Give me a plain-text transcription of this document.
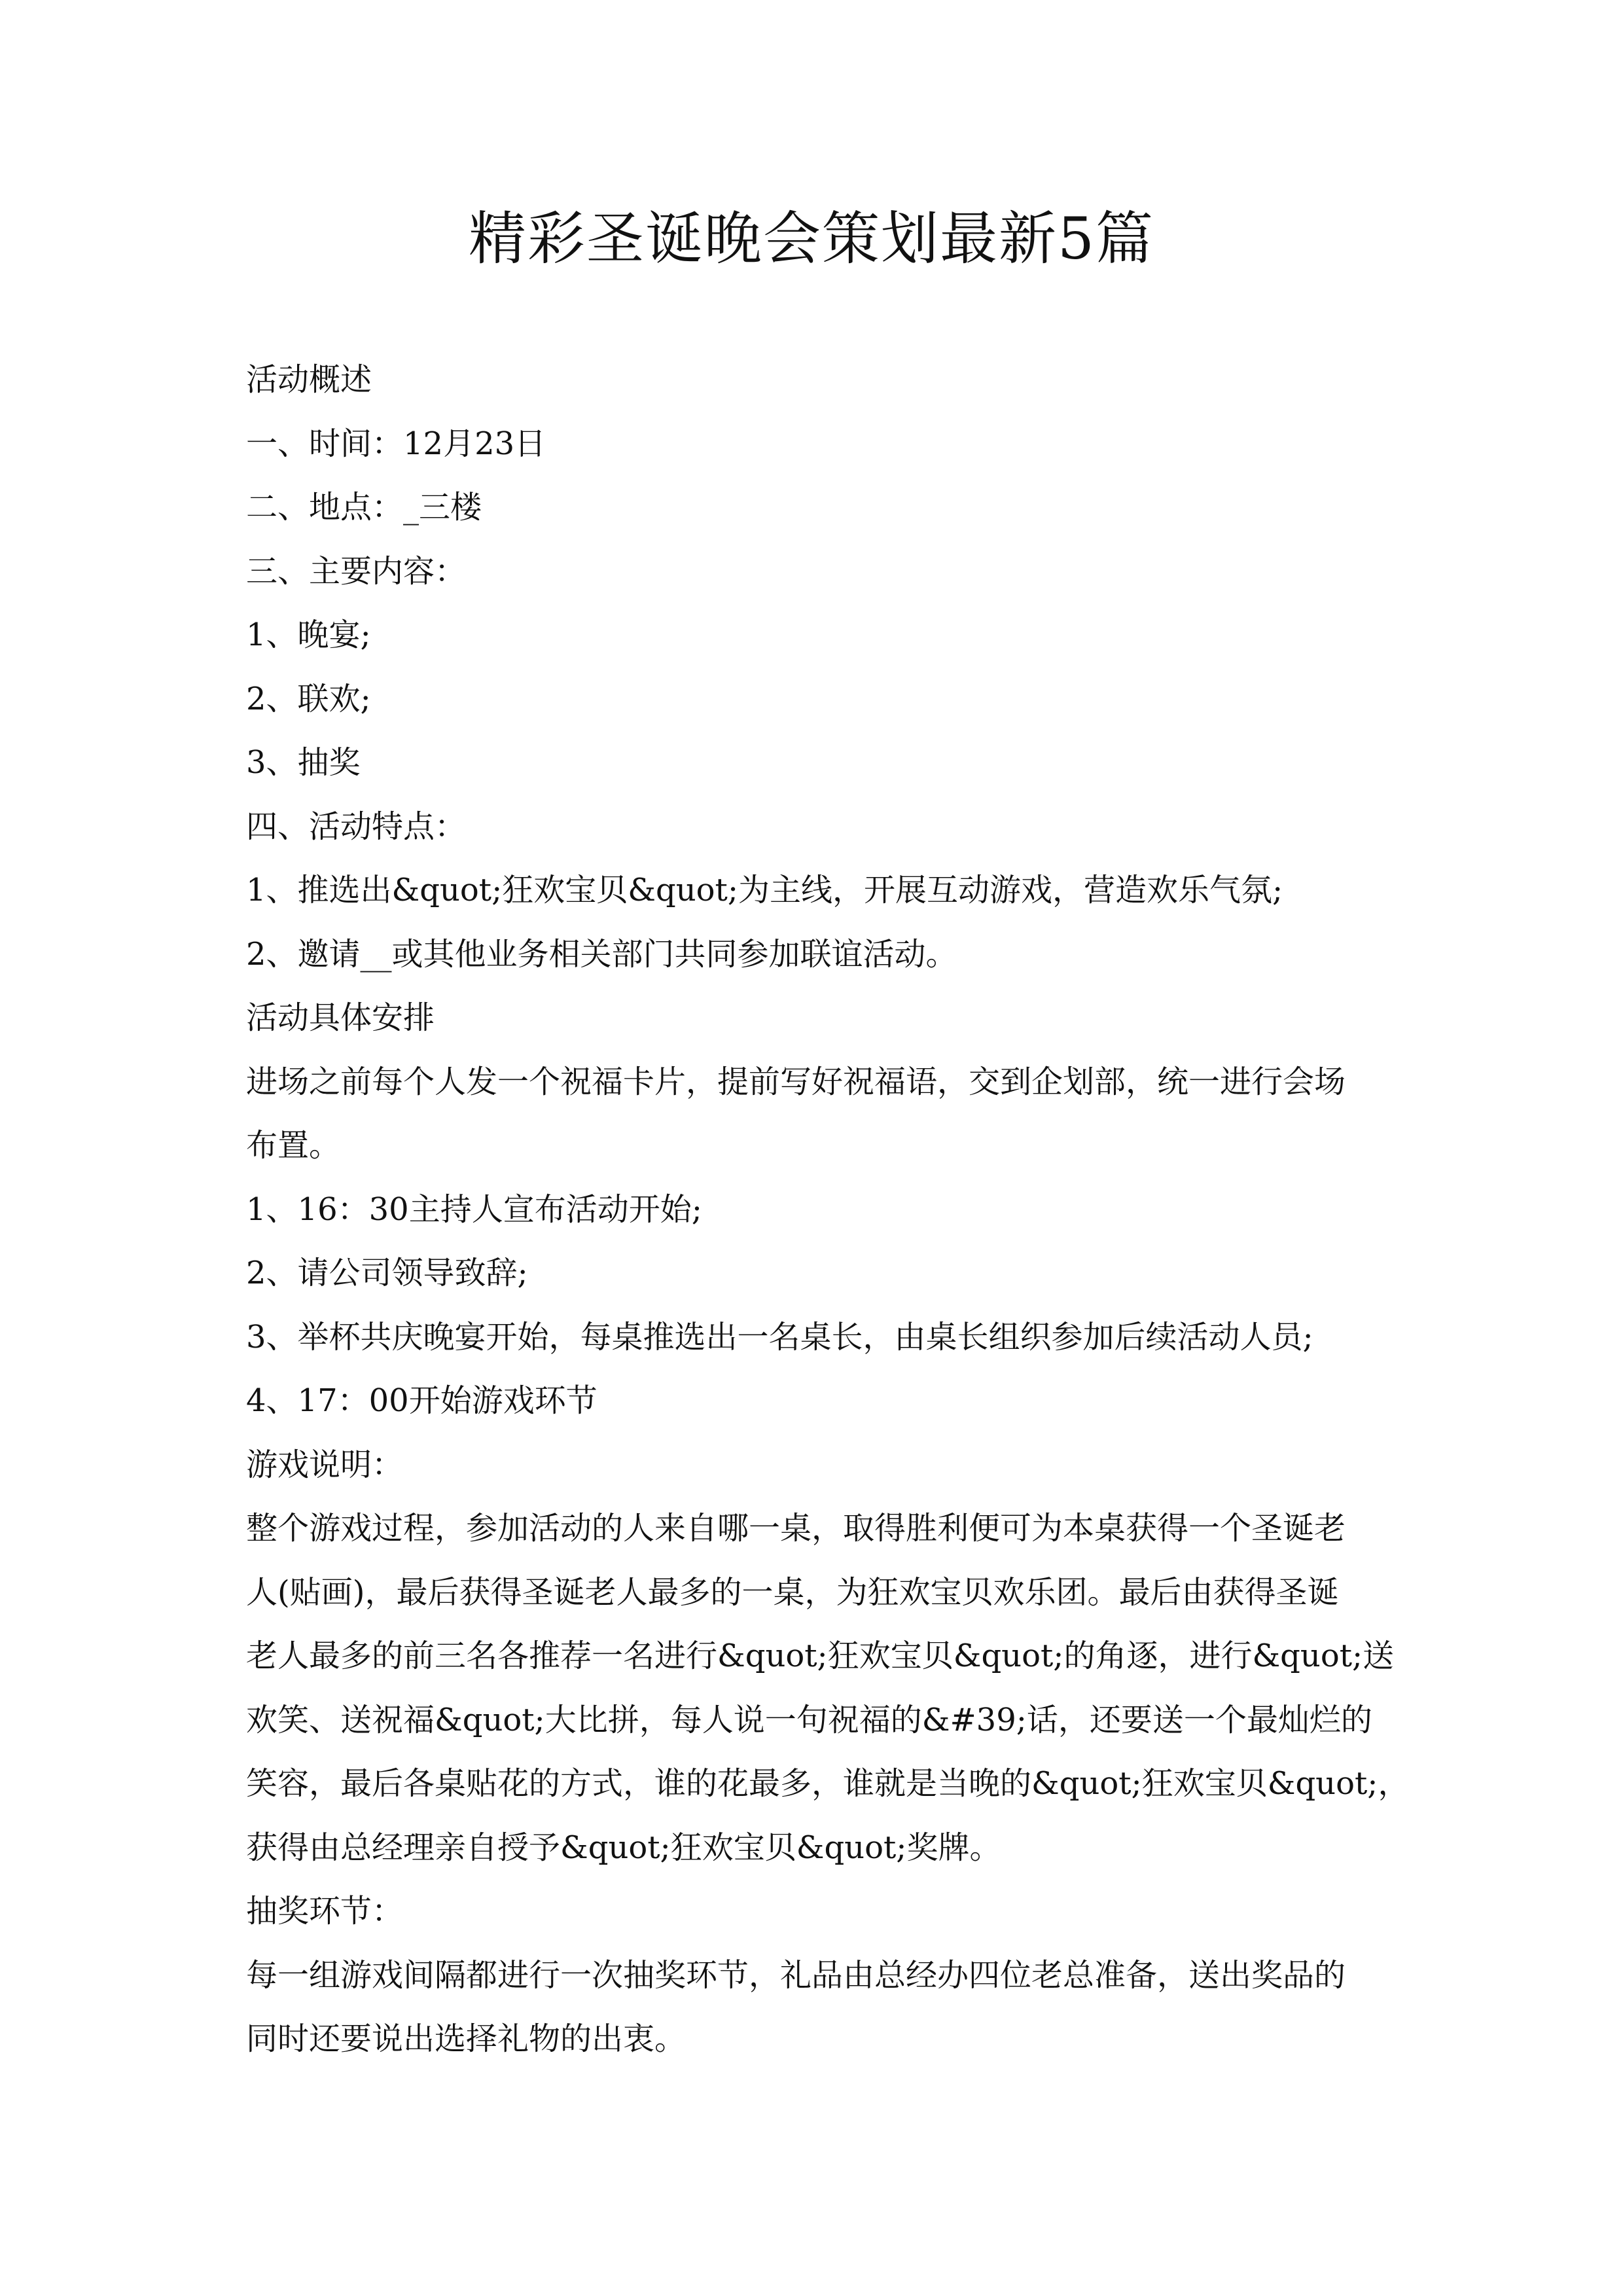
精彩圣诞晚会策划最新5篇
活动概述
一、时间：12月23日
二、地点：_三楼
三、主要内容：
1、晚宴;
2、联欢;
3、抽奖
四、活动特点：
1、推选出&quot;狂欢宝贝&quot;为主线，开展互动游戏，营造欢乐气氛;
2、邀请__或其他业务相关部门共同参加联谊活动。
活动具体安排
进场之前每个人发一个祝福卡片，提前写好祝福语，交到企划部，统一进行会场
布置。
1、16：30主持人宣布活动开始;
2、请公司领导致辞;
3、举杯共庆晚宴开始，每桌推选出一名桌长，由桌长组织参加后续活动人员;
4、17：00开始游戏环节
游戏说明：
整个游戏过程，参加活动的人来自哪一桌，取得胜利便可为本桌获得一个圣诞老
人(贴画)，最后获得圣诞老人最多的一桌，为狂欢宝贝欢乐团。最后由获得圣诞
老人最多的前三名各推荐一名进行&quot;狂欢宝贝&quot;的角逐，进行&quot;送
欢笑、送祝福&quot;大比拼，每人说一句祝福的&#39;话，还要送一个最灿烂的
笑容，最后各桌贴花的方式，谁的花最多，谁就是当晚的&quot;狂欢宝贝&quot;，
获得由总经理亲自授予&quot;狂欢宝贝&quot;奖牌。
抽奖环节：
每一组游戏间隔都进行一次抽奖环节，礼品由总经办四位老总准备，送出奖品的
同时还要说出选择礼物的出衷。
